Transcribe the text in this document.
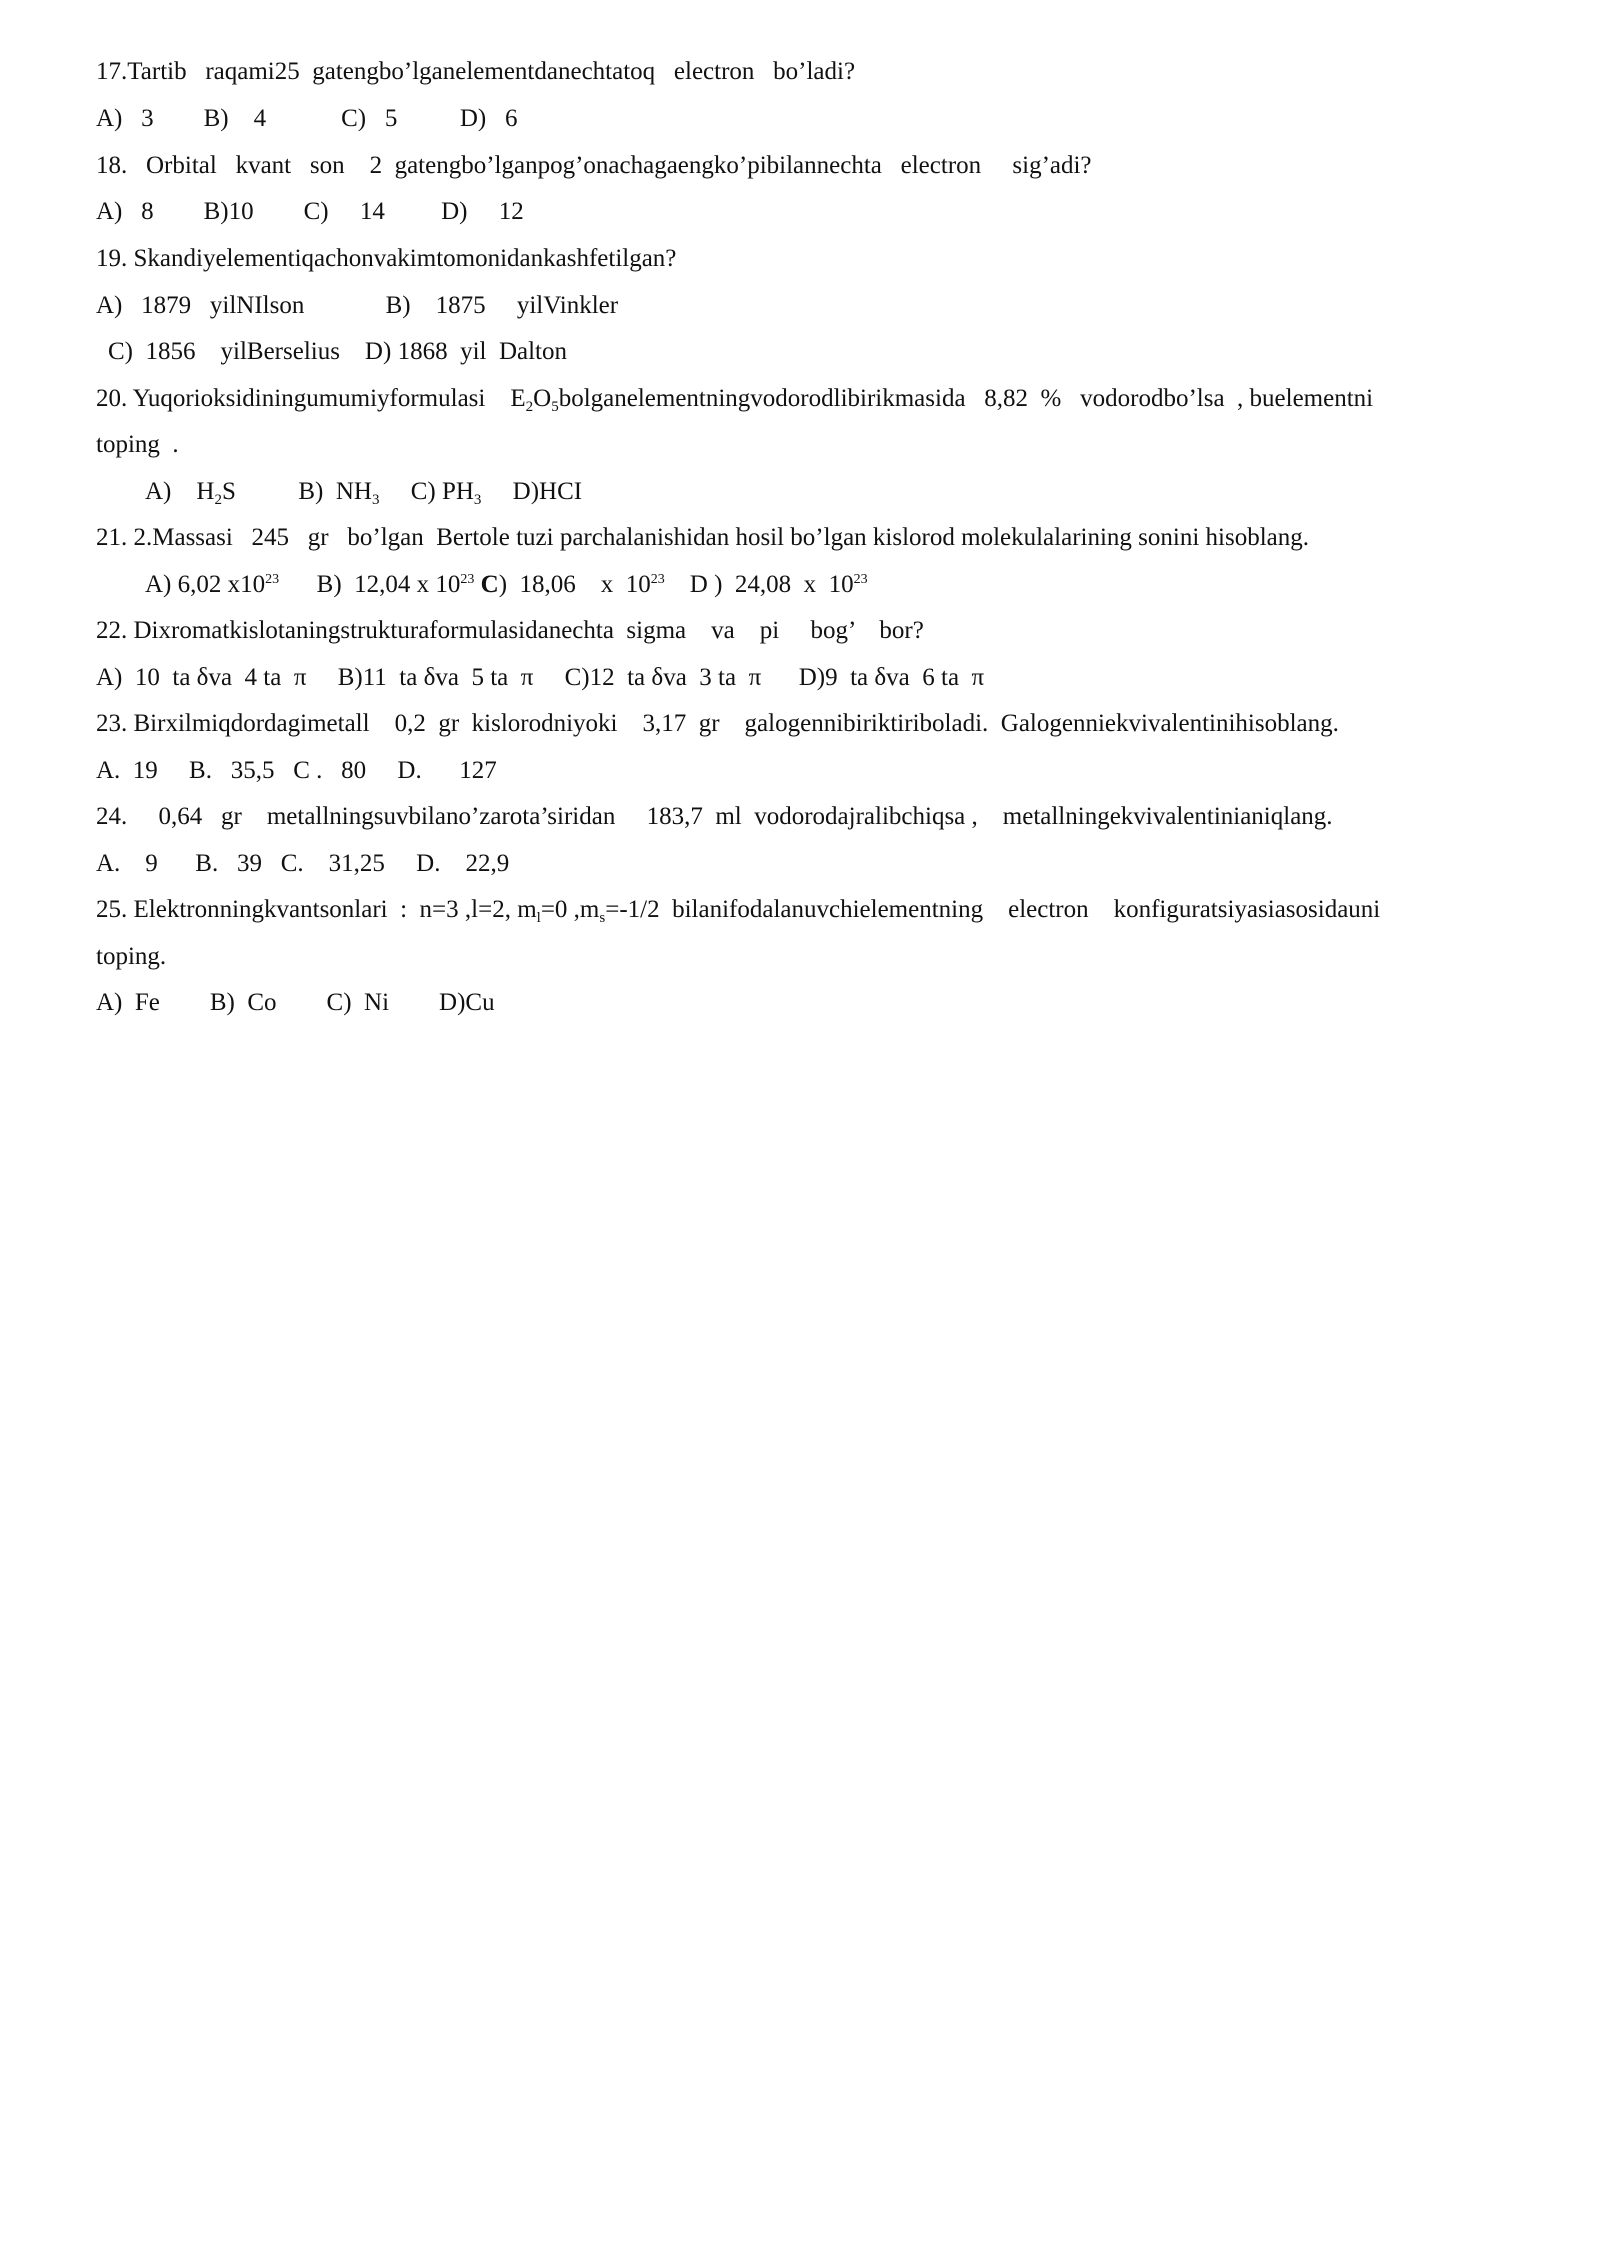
17.Tartib   raqami25  gatengbo’lganelementdanechtatoq   electron   bo’ladi?
A)   3        B)    4            C)   5          D)   6
18.   Orbital   kvant   son    2  gatengbo’lganpog’onachagaengko’pibilannechta   electron     sig’adi?
A)   8        B)10        C)     14         D)     12
19. Skandiyelementiqachonvakimtomonidankashfetilgan?
A)   1879   yilNIlson             B)    1875     yilVinkler
C)  1856    yilBerselius    D) 1868  yil  Dalton
20. Yuqorioksidiningumumiyformulasi    $E_2O_5bolganelementningvodorodlibirikmasida$   8,82  %   vodorodbo’lsa  , buelementni
toping  .
A)    $H_2S$          B)  $NH_3$     C) $PH_3$     D)HCI
21. 2.Massasi   245   gr   bo’lgan  Bertole tuzi parchalanishidan hosil bo’lgan kislorod molekulalarining sonini hisoblang.
A) 6,02 $x10^{23}$      B)  12,04 x $10^{23}$ C)  18,06    x  $10^{23}$    D )  24,08  x  $10^{23}$
22. Dixromatkislotaningstrukturaformulasidanechta  sigma    va    pi     bog’    bor?
A)  10  ta δva  4 ta  π     B)11  ta δva  5 ta  π     C)12  ta δva  3 ta  π      D)9  ta δva  6 ta  π
23. Birxilmiqdordagimetall    0,2  gr  kislorodniyoki    3,17  gr    galogennibiriktiriboladi.  Galogenniekvivalentinihisoblang.
A.  19     B.   35,5   C .   80     D.      127
24.     0,64   gr    metallningsuvbilano’zarota’siridan     183,7  ml  vodorodajralibchiqsa ,    metallningekvivalentinianiqlang.
A.    9      B.   39   C.    31,25     D.    22,9
25. Elektronningkvantsonlari  :  n=3 ,l=2, $m_l=0$ $,m_s=-1/2$  bilanifodalanuvchielementning    electron    konfiguratsiyasiasosidauni
toping.
A)  Fe        B)  Co        C)  Ni        D)Cu
